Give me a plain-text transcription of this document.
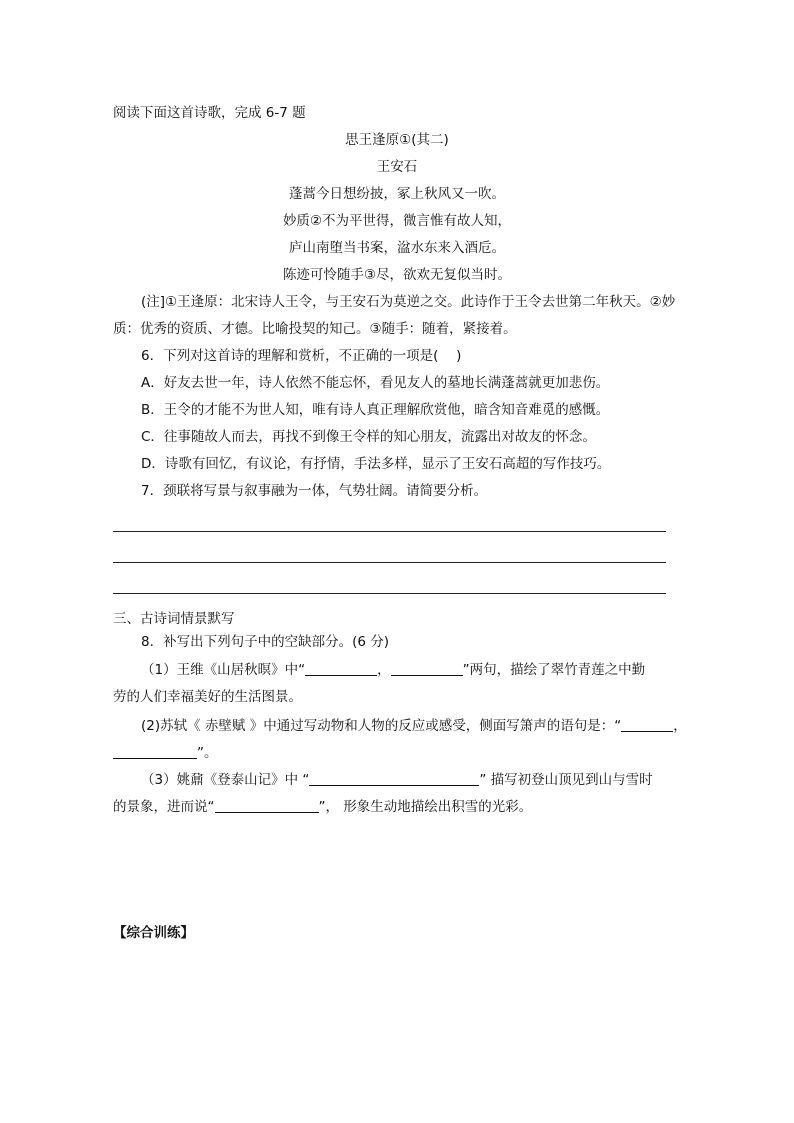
阅读下面这首诗歌，完成 6-7 题
思王逢原①(其二)
王安石
蓬蒿今日想纷披，冢上秋风又一吹。
妙质②不为平世得，微言惟有故人知，
庐山南堕当书案，湓水东来入酒卮。
陈迹可怜随手③尽，欲欢无复似当时。
(注]①王逢原：北宋诗人王令，与王安石为莫逆之交。此诗作于王令去世第二年秋天。②妙
质：优秀的资质、才德。比喻投契的知己。③随手：随着，紧接着。
6．下列对这首诗的理解和赏析，不正确的一项是(　 )
A．好友去世一年，诗人依然不能忘怀，看见友人的墓地长满蓬蒿就更加悲伤。
B．王令的才能不为世人知，唯有诗人真正理解欣赏他，暗含知音难觅的感慨。
C．往事随故人而去，再找不到像王令样的知心朋友，流露出对故友的怀念。
D．诗歌有回忆，有议论，有抒情，手法多样，显示了王安石高超的写作技巧。
7．颈联将写景与叙事融为一体，气势壮阔。请简要分析。
三、古诗词情景默写
8．补写出下列句子中的空缺部分。(6 分)
（1）王维《山居秋暝》中“	，	”两句，描绘了翠竹青莲之中勤
劳的人们幸福美好的生活图景。
(2)苏轼《 赤壁赋 》中通过写动物和人物的反应或感受，侧面写箫声的语句是：“	，
”。
（3）姚鼐《登泰山记》中 “	” 描写初登山顶见到山与雪时
的景象，进而说“	”， 形象生动地描绘出积雪的光彩。
【综合训练】
